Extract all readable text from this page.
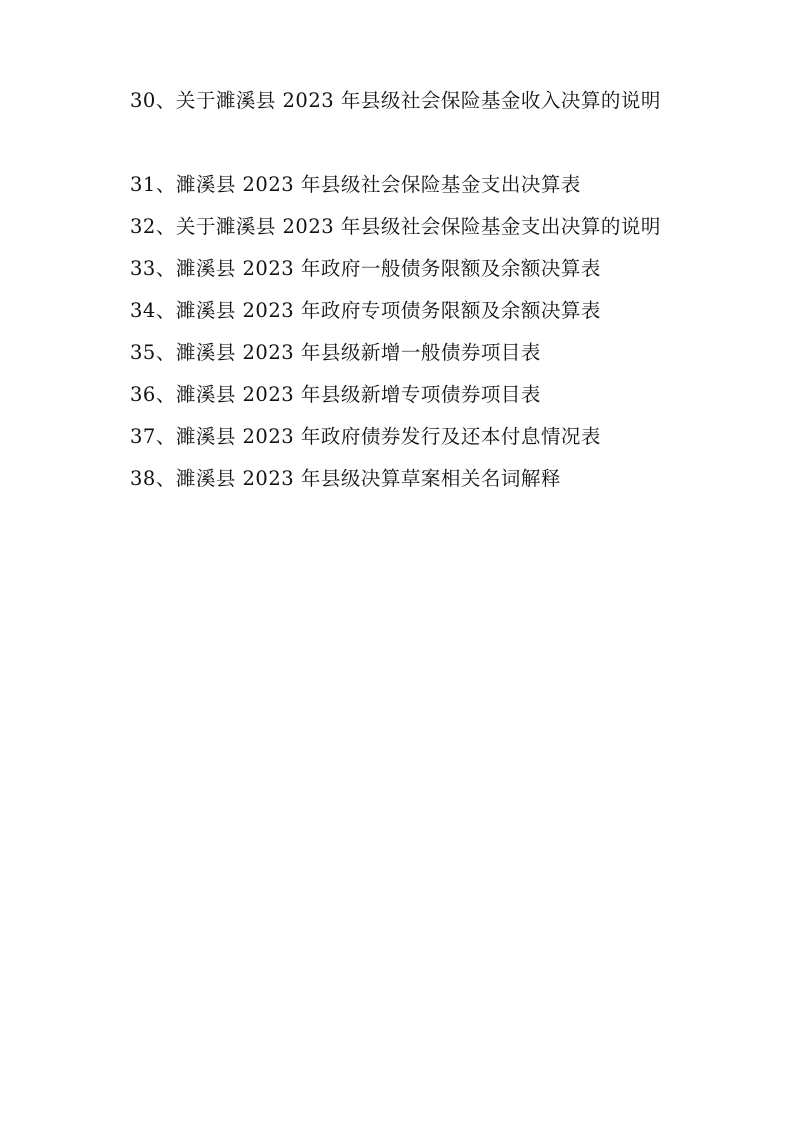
30、关于濉溪县 2023 年县级社会保险基金收入决算的说明
31、濉溪县 2023 年县级社会保险基金支出决算表
32、关于濉溪县 2023 年县级社会保险基金支出决算的说明
33、濉溪县 2023 年政府一般债务限额及余额决算表
34、濉溪县 2023 年政府专项债务限额及余额决算表
35、濉溪县 2023 年县级新增一般债券项目表
36、濉溪县 2023 年县级新增专项债券项目表
37、濉溪县 2023 年政府债券发行及还本付息情况表
38、濉溪县 2023 年县级决算草案相关名词解释
